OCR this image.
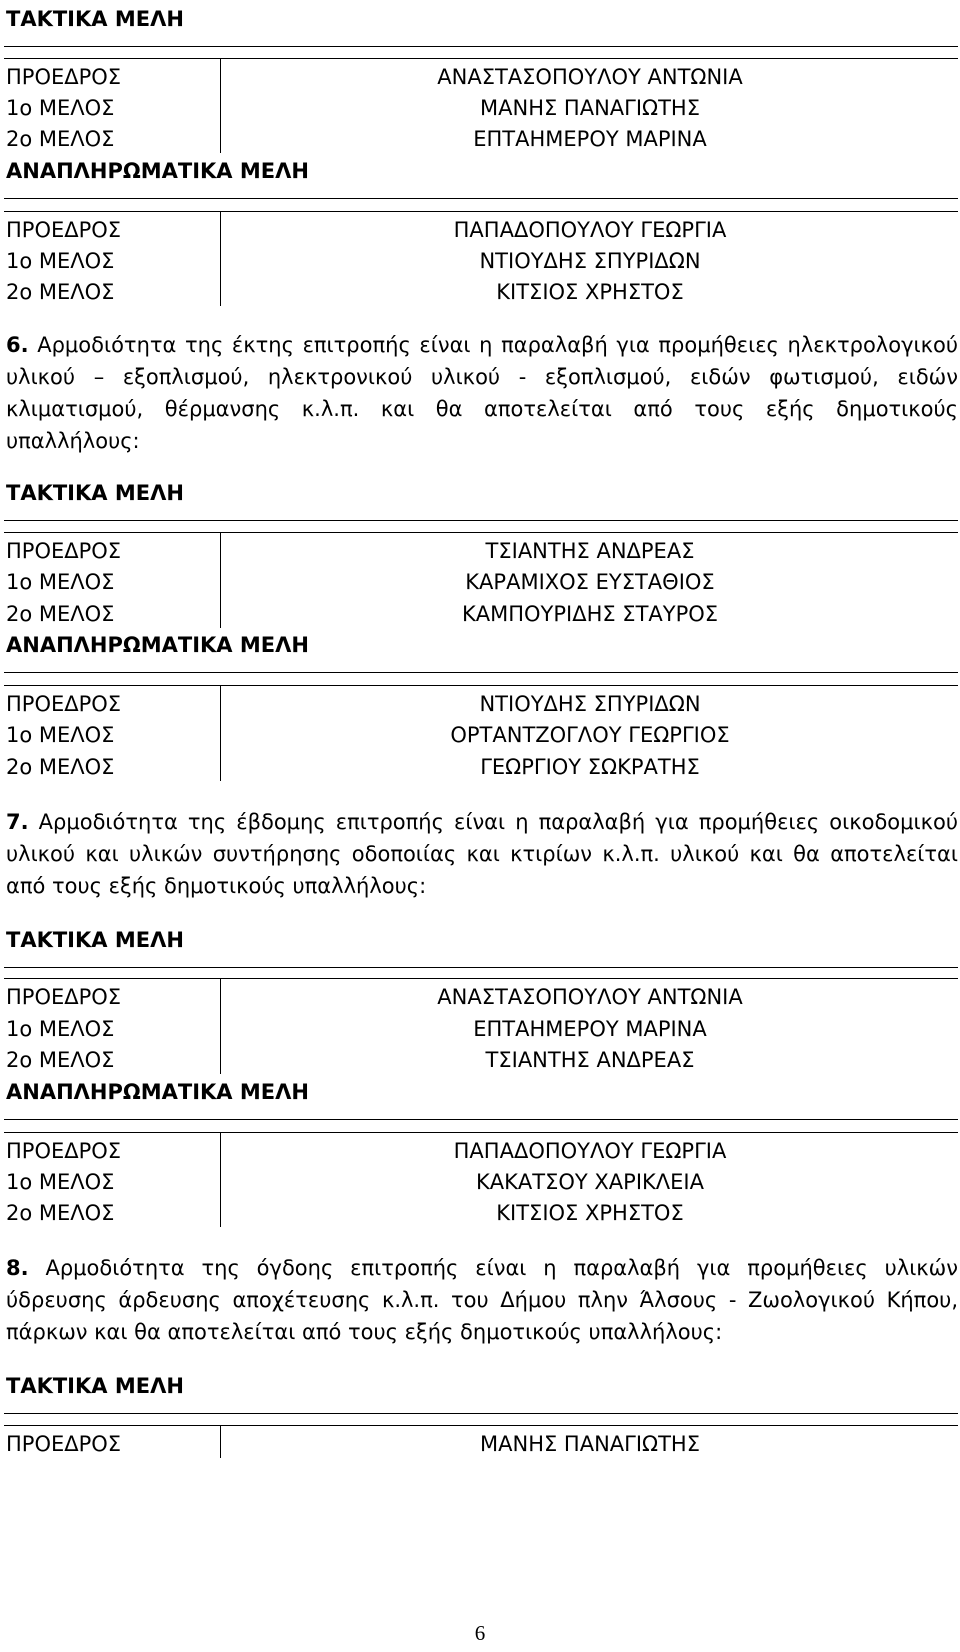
ΤΑΚΤΙΚΑ ΜΕΛΗ
ΠΡΟΕΔΡΟΣ	ΑΝΑΣΤΑΣΟΠΟΥΛΟΥ ΑΝΤΩΝΙΑ
1ο ΜΕΛΟΣ	ΜΑΝΗΣ ΠΑΝΑΓΙΩΤΗΣ
2ο ΜΕΛΟΣ	ΕΠΤΑΗΜΕΡΟΥ ΜΑΡΙΝΑ
ΑΝΑΠΛΗΡΩΜΑΤΙΚΑ ΜΕΛΗ
ΠΡΟΕΔΡΟΣ	ΠΑΠΑΔΟΠΟΥΛΟΥ ΓΕΩΡΓΙΑ
1ο ΜΕΛΟΣ	ΝΤΙΟΥΔΗΣ ΣΠΥΡΙΔΩΝ
2ο ΜΕΛΟΣ	ΚΙΤΣΙΟΣ ΧΡΗΣΤΟΣ
6. Αρμοδιότητα της έκτης επιτροπής είναι η παραλαβή για προμήθειες ηλεκτρολογικού υλικού – εξοπλισμού, ηλεκτρονικού υλικού - εξοπλισμού, ειδών φωτισμού, ειδών κλιματισμού, θέρμανσης κ.λ.π. και θα αποτελείται από τους εξής δημοτικούς υπαλλήλους:
ΤΑΚΤΙΚΑ ΜΕΛΗ
ΠΡΟΕΔΡΟΣ	ΤΣΙΑΝΤΗΣ ΑΝΔΡΕΑΣ
1ο ΜΕΛΟΣ	ΚΑΡΑΜΙΧΟΣ ΕΥΣΤΑΘΙΟΣ
2ο ΜΕΛΟΣ	ΚΑΜΠΟΥΡΙΔΗΣ ΣΤΑΥΡΟΣ
ΑΝΑΠΛΗΡΩΜΑΤΙΚΑ ΜΕΛΗ
ΠΡΟΕΔΡΟΣ	ΝΤΙΟΥΔΗΣ ΣΠΥΡΙΔΩΝ
1ο ΜΕΛΟΣ	ΟΡΤΑΝΤΖΟΓΛΟΥ ΓΕΩΡΓΙΟΣ
2ο ΜΕΛΟΣ	ΓΕΩΡΓΙΟΥ ΣΩΚΡΑΤΗΣ
7. Αρμοδιότητα της έβδομης επιτροπής είναι η παραλαβή για προμήθειες οικοδομικού υλικού και υλικών συντήρησης οδοποιίας και κτιρίων κ.λ.π. υλικού και θα αποτελείται από τους εξής δημοτικούς υπαλλήλους:
ΤΑΚΤΙΚΑ ΜΕΛΗ
ΠΡΟΕΔΡΟΣ	ΑΝΑΣΤΑΣΟΠΟΥΛΟΥ ΑΝΤΩΝΙΑ
1ο ΜΕΛΟΣ	ΕΠΤΑΗΜΕΡΟΥ ΜΑΡΙΝΑ
2ο ΜΕΛΟΣ	ΤΣΙΑΝΤΗΣ ΑΝΔΡΕΑΣ
ΑΝΑΠΛΗΡΩΜΑΤΙΚΑ ΜΕΛΗ
ΠΡΟΕΔΡΟΣ	ΠΑΠΑΔΟΠΟΥΛΟΥ ΓΕΩΡΓΙΑ
1ο ΜΕΛΟΣ	ΚΑΚΑΤΣΟΥ ΧΑΡΙΚΛΕΙΑ
2ο ΜΕΛΟΣ	ΚΙΤΣΙΟΣ ΧΡΗΣΤΟΣ
8. Αρμοδιότητα της όγδοης επιτροπής είναι η παραλαβή για προμήθειες υλικών ύδρευσης άρδευσης αποχέτευσης κ.λ.π. του Δήμου πλην Άλσους - Ζωολογικού Κήπου, πάρκων και θα αποτελείται από τους εξής δημοτικούς υπαλλήλους:
ΤΑΚΤΙΚΑ ΜΕΛΗ
ΠΡΟΕΔΡΟΣ	ΜΑΝΗΣ ΠΑΝΑΓΙΩΤΗΣ
6
